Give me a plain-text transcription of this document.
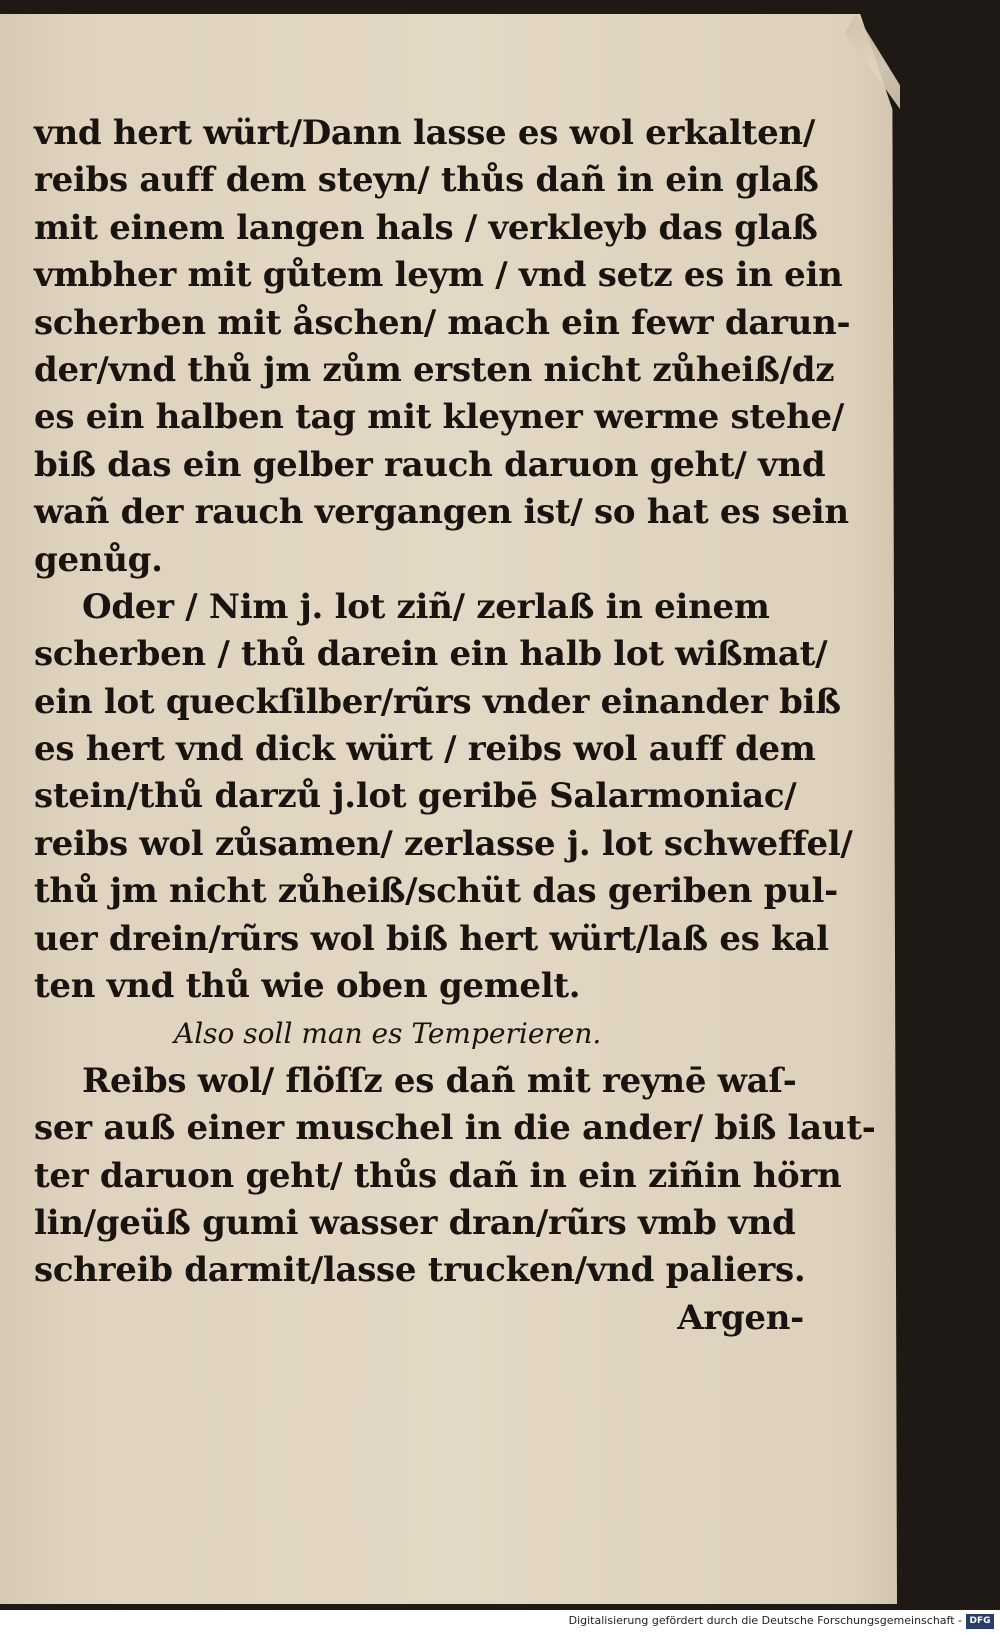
vnd hert würt/Dann lasse es wol erkalten/
reibs auff dem steyn/ thůs dañ in ein glaß
mit einem langen hals / verkleyb das glaß
vmbher mit gůtem leym / vnd setz es in ein
scherben mit åschen/ mach ein fewr darun‑
der/vnd thů jm zům ersten nicht zůheiß/dz
es ein halben tag mit kleyner werme stehe/
biß das ein gelber rauch daruon geht/ vnd
wañ der rauch vergangen ist/ so hat es sein
genůg.
Oder / Nim j. lot ziñ/ zerlaß in einem
scherben / thů darein ein halb lot wißmat/
ein lot queckſilber/rũrs vnder einander biß
es hert vnd dick würt / reibs wol auff dem
stein/thů darzů j.lot geribē Salarmoniac/
reibs wol zůsamen/ zerlasse j. lot schweffel/
thů jm nicht zůheiß/schüt das geriben pul‑
uer drein/rũrs wol biß hert würt/laß es kal
ten vnd thů wie oben gemelt.
Also soll man es Temperieren.
Reibs wol/ flöſſz es dañ mit reynē waſ‑
ser auß einer muschel in die ander/ biß laut‑
ter daruon geht/ thůs dañ in ein ziñin hörn
lin/geüß gumi wasser dran/rũrs vmb vnd
schreib darmit/lasse trucken/vnd paliers.
Argen‑
Digitalisierung gefördert durch die Deutsche Forschungsgemeinschaft - DFG
